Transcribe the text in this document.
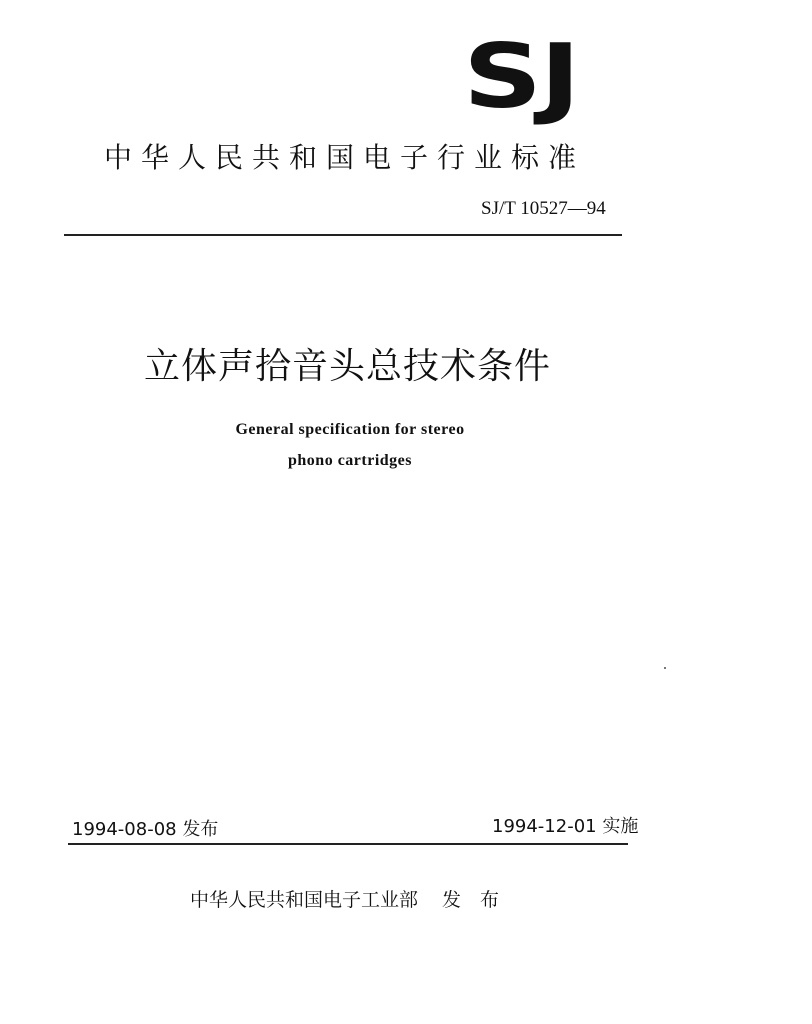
SJ
中华人民共和国电子行业标准
SJ/T 10527—94
立体声拾音头总技术条件
General specification for stereo
phono cartridges
1994-08-08 发布	1994-12-01 实施
中华人民共和国电子工业部 发　布
